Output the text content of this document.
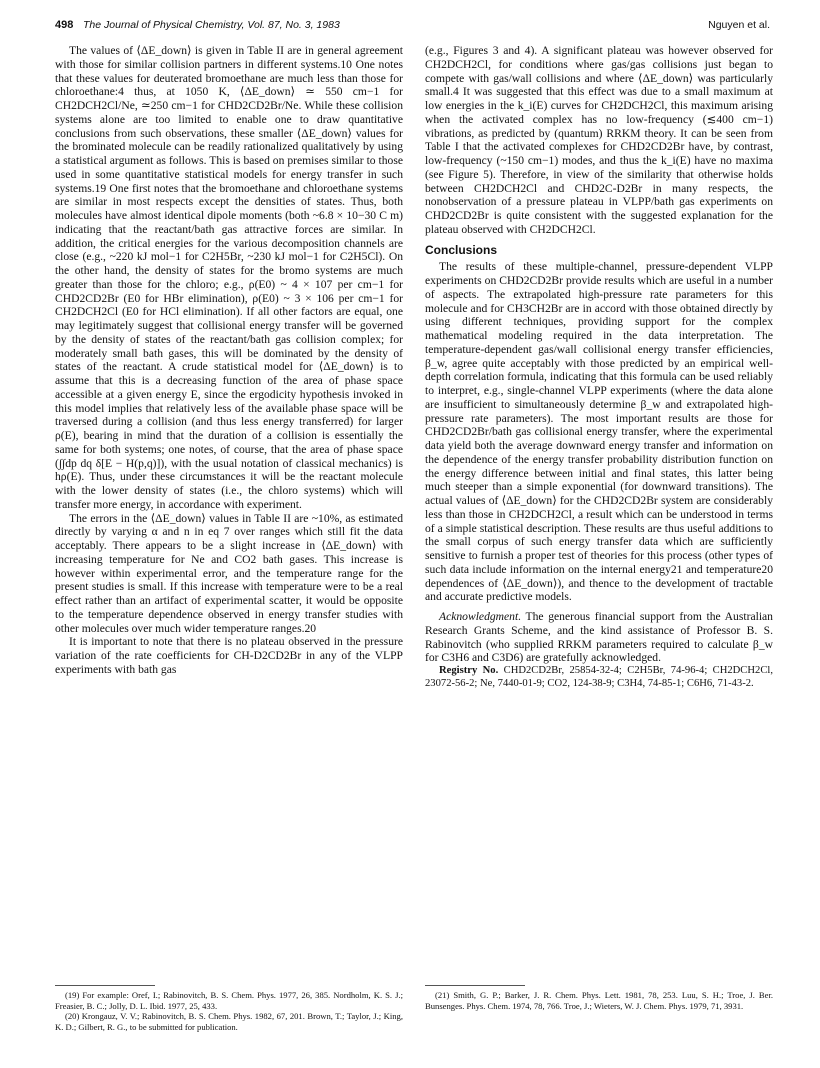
498 The Journal of Physical Chemistry, Vol. 87, No. 3, 1983	Nguyen et al.

The values of ⟨ΔE_down⟩ is given in Table II are in general agreement with those for similar collision partners in different systems.10 One notes that these values for deuterated bromoethane are much less than those for chloroethane:4 thus, at 1050 K, ⟨ΔE_down⟩ ≃ 550 cm−1 for CH2DCH2Cl/Ne, ≃250 cm−1 for CHD2CD2Br/Ne. While these collision systems alone are too limited to enable one to draw quantitative conclusions from such observations, these smaller ⟨ΔE_down⟩ values for the brominated molecule can be readily rationalized qualitatively by using a statistical argument as follows. This is based on premises similar to those used in some quantitative statistical models for energy transfer in such systems.19 One first notes that the bromoethane and chloroethane systems are similar in most respects except the densities of states. Thus, both molecules have almost identical dipole moments (both ~6.8 × 10−30 C m) indicating that the reactant/bath gas attractive forces are similar. In addition, the critical energies for the various decomposition channels are close (e.g., ~220 kJ mol−1 for C2H5Br, ~230 kJ mol−1 for C2H5Cl). On the other hand, the density of states for the bromo systems are much greater than those for the chloro; e.g., ρ(E0) ~ 4 × 107 per cm−1 for CHD2CD2Br (E0 for HBr elimination), ρ(E0) ~ 3 × 106 per cm−1 for CH2DCH2Cl (E0 for HCl elimination). If all other factors are equal, one may legitimately suggest that collisional energy transfer will be governed by the density of states of the reactant/bath gas collision complex; for moderately small bath gases, this will be dominated by the density of states of the reactant. A crude statistical model for ⟨ΔE_down⟩ is to assume that this is a decreasing function of the area of phase space accessible at a given energy E, since the ergodicity hypothesis invoked in this model implies that relatively less of the available phase space will be traversed during a collision (and thus less energy transferred) for larger ρ(E), bearing in mind that the duration of a collision is essentially the same for both systems; one notes, of course, that the area of phase space (∫∫dp dq δ[E − H(p,q)]), with the usual notation of classical mechanics) is hρ(E). Thus, under these circumstances it will be the reactant molecule with the lower density of states (i.e., the chloro systems) which will transfer more energy, in accordance with experiment.

The errors in the ⟨ΔE_down⟩ values in Table II are ~10%, as estimated directly by varying α and n in eq 7 over ranges which still fit the data acceptably. There appears to be a slight increase in ⟨ΔE_down⟩ with increasing temperature for Ne and CO2 bath gases. This increase is however within experimental error, and the temperature range for the present studies is small. If this increase with temperature were to be a real effect rather than an artifact of experimental scatter, it would be opposite to the temperature dependence observed in energy transfer studies with other molecules over much wider temperature ranges.20

It is important to note that there is no plateau observed in the pressure variation of the rate coefficients for CH-D2CD2Br in any of the VLPP experiments with bath gas

(19) For example: Oref, I.; Rabinovitch, B. S. Chem. Phys. 1977, 26, 385. Nordholm, K. S. J.; Freasier, B. C.; Jolly, D. L. Ibid. 1977, 25, 433.

(20) Krongauz, V. V.; Rabinovitch, B. S. Chem. Phys. 1982, 67, 201. Brown, T.; Taylor, J.; King, K. D.; Gilbert, R. G., to be submitted for publication.

(e.g., Figures 3 and 4). A significant plateau was however observed for CH2DCH2Cl, for conditions where gas/gas collisions just began to compete with gas/wall collisions and where ⟨ΔE_down⟩ was particularly small.4 It was suggested that this effect was due to a small maximum at low energies in the k_i(E) curves for CH2DCH2Cl, this maximum arising when the activated complex has no low-frequency (≲400 cm−1) vibrations, as predicted by (quantum) RRKM theory. It can be seen from Table I that the activated complexes for CHD2CD2Br have, by contrast, low-frequency (~150 cm−1) modes, and thus the k_i(E) have no maxima (see Figure 5). Therefore, in view of the similarity that otherwise holds between CH2DCH2Cl and CHD2C-D2Br in many respects, the nonobservation of a pressure plateau in VLPP/bath gas experiments on CHD2CD2Br is quite consistent with the suggested explanation for the plateau observed with CH2DCH2Cl.

Conclusions

The results of these multiple-channel, pressure-dependent VLPP experiments on CHD2CD2Br provide results which are useful in a number of aspects. The extrapolated high-pressure rate parameters for this molecule and for CH3CH2Br are in accord with those obtained directly by using different techniques, providing support for the complex mathematical modeling required in the data interpretation. The temperature-dependent gas/wall collisional energy transfer efficiencies, β_w, agree quite acceptably with those predicted by an empirical well-depth correlation formula, indicating that this formula can be used reliably to interpret, e.g., single-channel VLPP experiments (where the data alone are insufficient to simultaneously determine β_w and extrapolated high-pressure rate parameters). The most important results are those for CHD2CD2Br/bath gas collisional energy transfer, where the experimental data yield both the average downward energy transfer and information on the dependence of the energy transfer probability distribution function on the energy difference between initial and final states, this latter being much steeper than a simple exponential (for downward transitions). The actual values of ⟨ΔE_down⟩ for the CHD2CD2Br system are considerably less than those in CH2DCH2Cl, a result which can be understood in terms of a simple statistical description. These results are thus useful additions to the small corpus of such energy transfer data which are sufficiently sensitive to furnish a proper test of theories for this process (other types of such data include information on the internal energy21 and temperature20 dependences of ⟨ΔE_down⟩), and thence to the development of tractable and accurate predictive models.

Acknowledgment. The generous financial support from the Australian Research Grants Scheme, and the kind assistance of Professor B. S. Rabinovitch (who supplied RRKM parameters required to calculate β_w for C3H6 and C3D6) are gratefully acknowledged.

Registry No. CHD2CD2Br, 25854-32-4; C2H5Br, 74-96-4; CH2DCH2Cl, 23072-56-2; Ne, 7440-01-9; CO2, 124-38-9; C3H4, 74-85-1; C6H6, 71-43-2.

(21) Smith, G. P.; Barker, J. R. Chem. Phys. Lett. 1981, 78, 253. Luu, S. H.; Troe, J. Ber. Bunsenges. Phys. Chem. 1974, 78, 766. Troe, J.; Wieters, W. J. Chem. Phys. 1979, 71, 3931.
